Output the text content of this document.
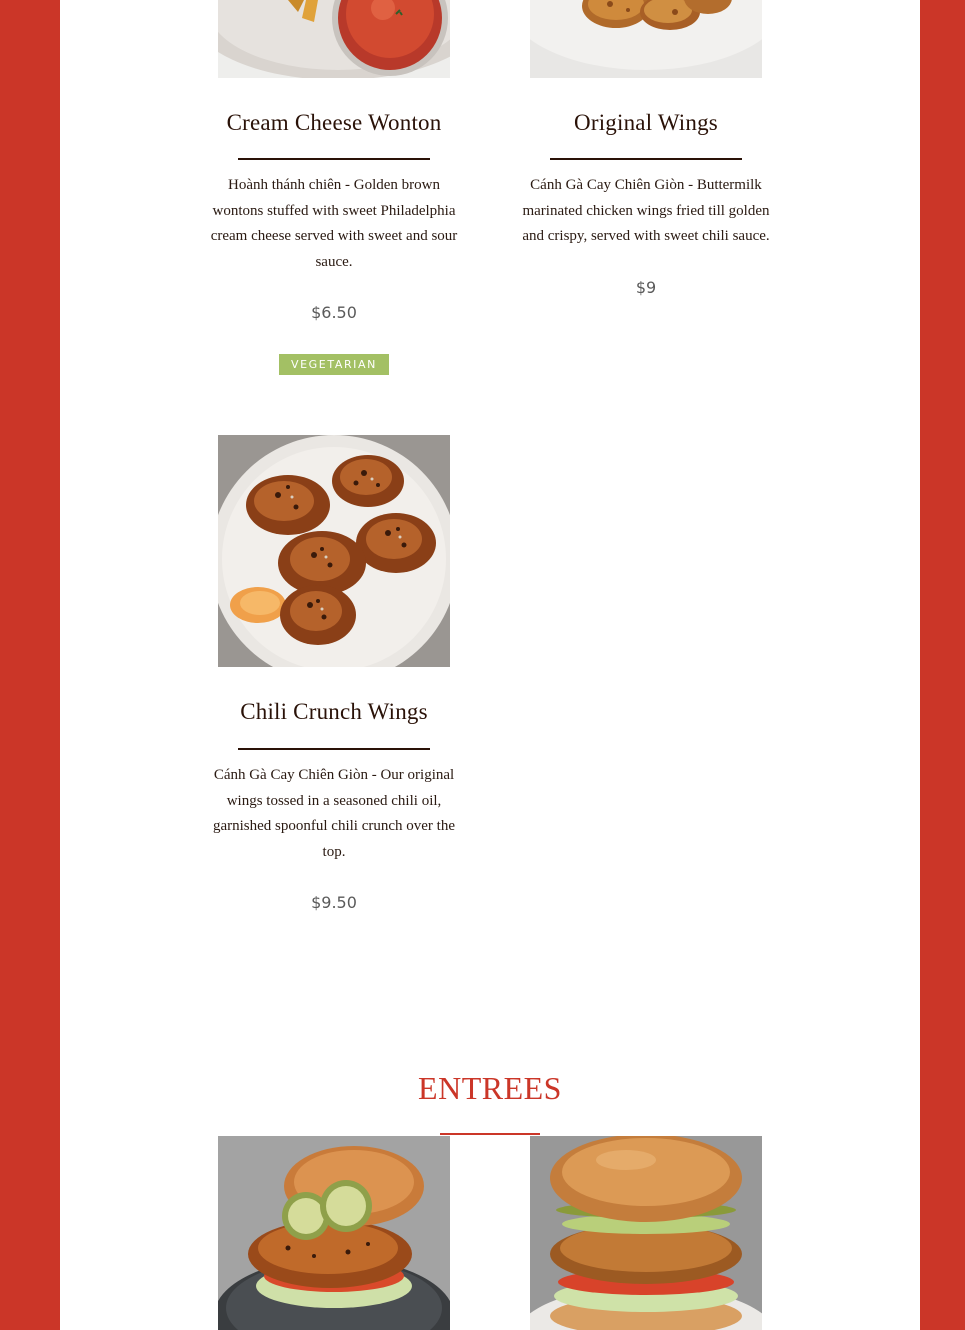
Cream Cheese Wonton
Hoành thánh chiên - Golden brown wontons stuffed with sweet Philadelphia cream cheese served with sweet and sour sauce.
$6.50
VEGETARIAN
Original Wings
Cánh Gà Cay Chiên Giòn - Buttermilk marinated chicken wings fried till golden and crispy, served with sweet chili sauce.
$9
Chili Crunch Wings
Cánh Gà Cay Chiên Giòn - Our original wings tossed in a seasoned chili oil, garnished spoonful chili crunch over the top.
$9.50
ENTREES
